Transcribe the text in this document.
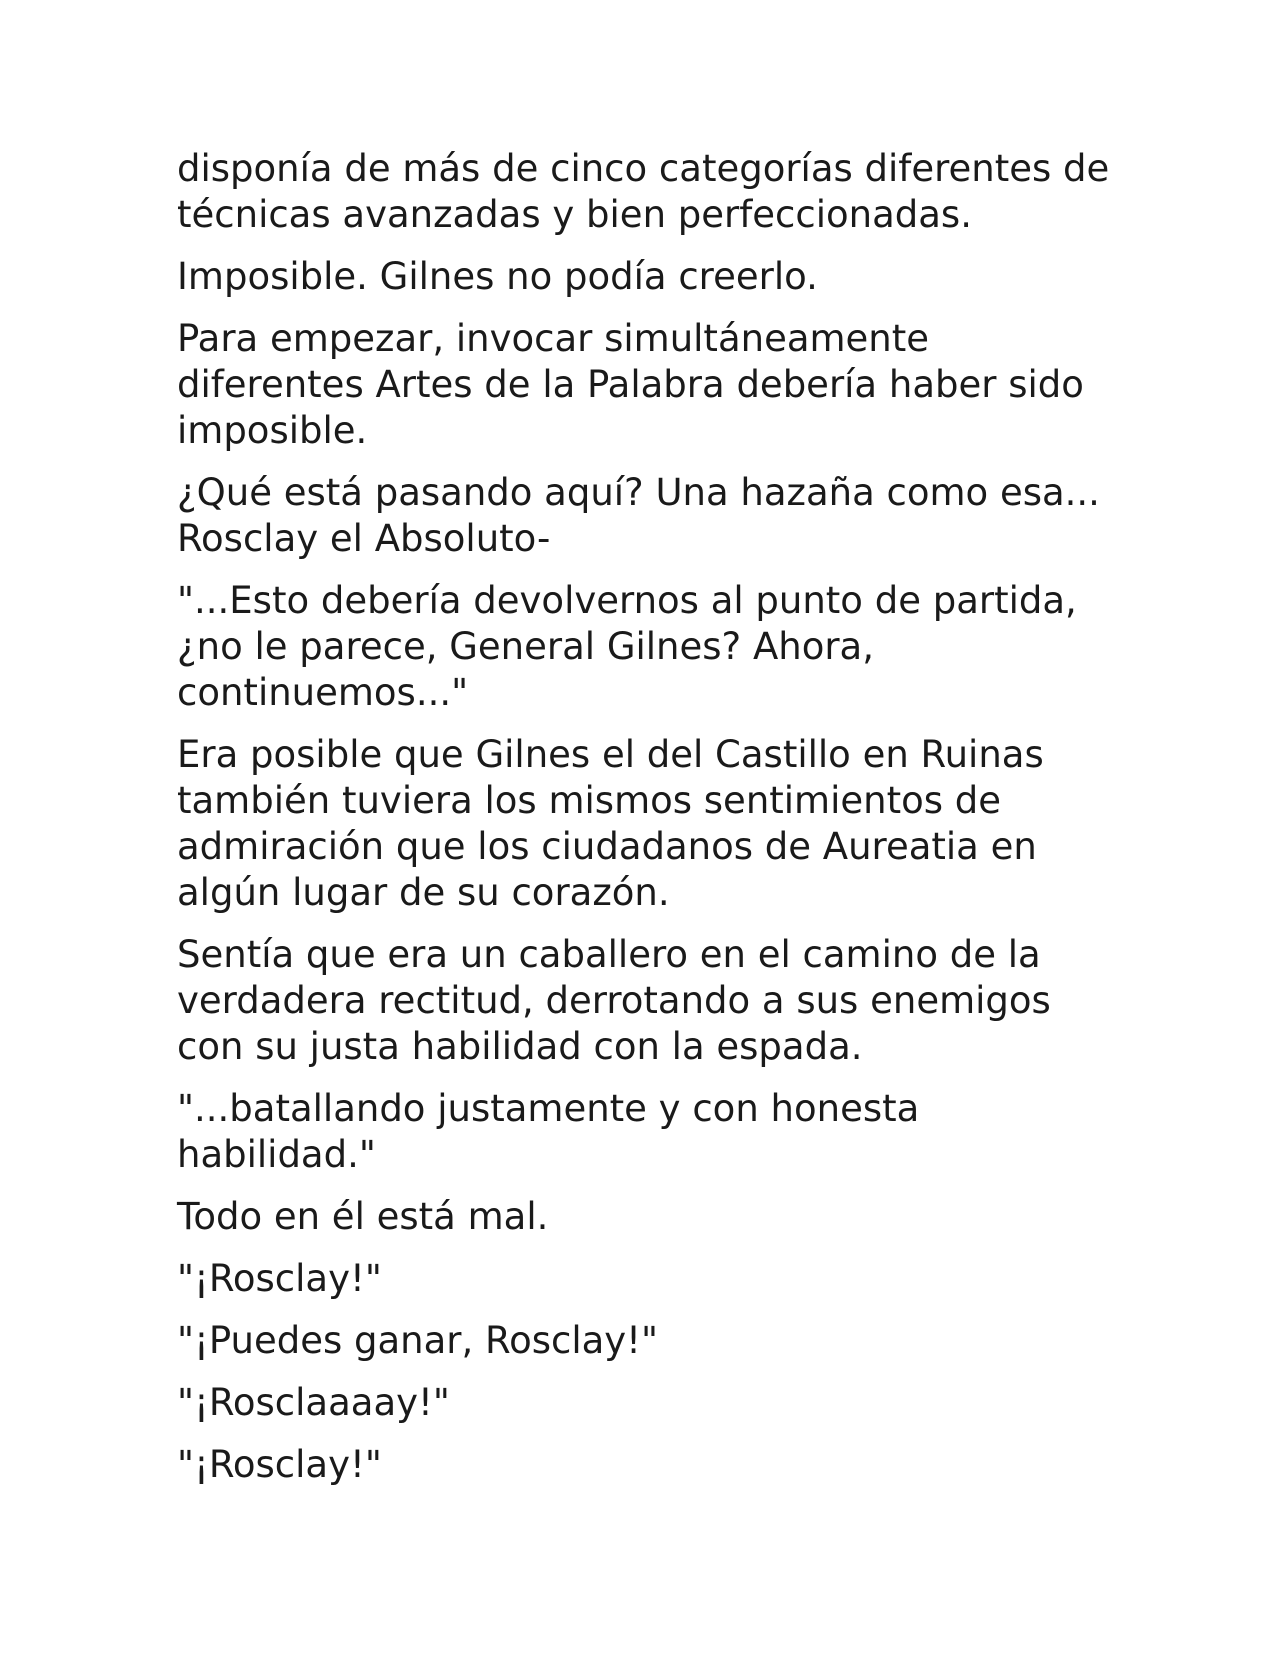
disponía de más de cinco categorías diferentes de técnicas avanzadas y bien perfeccionadas.

Imposible. Gilnes no podía creerlo.

Para empezar, invocar simultáneamente diferentes Artes de la Palabra debería haber sido imposible.

¿Qué está pasando aquí? Una hazaña como esa... Rosclay el Absoluto-

"...Esto debería devolvernos al punto de partida, ¿no le parece, General Gilnes? Ahora, continuemos..."

Era posible que Gilnes el del Castillo en Ruinas también tuviera los mismos sentimientos de admiración que los ciudadanos de Aureatia en algún lugar de su corazón.

Sentía que era un caballero en el camino de la verdadera rectitud, derrotando a sus enemigos con su justa habilidad con la espada.

"...batallando justamente y con honesta habilidad."

Todo en él está mal.

"¡Rosclay!"

"¡Puedes ganar, Rosclay!"

"¡Rosclaaaay!"

"¡Rosclay!"
